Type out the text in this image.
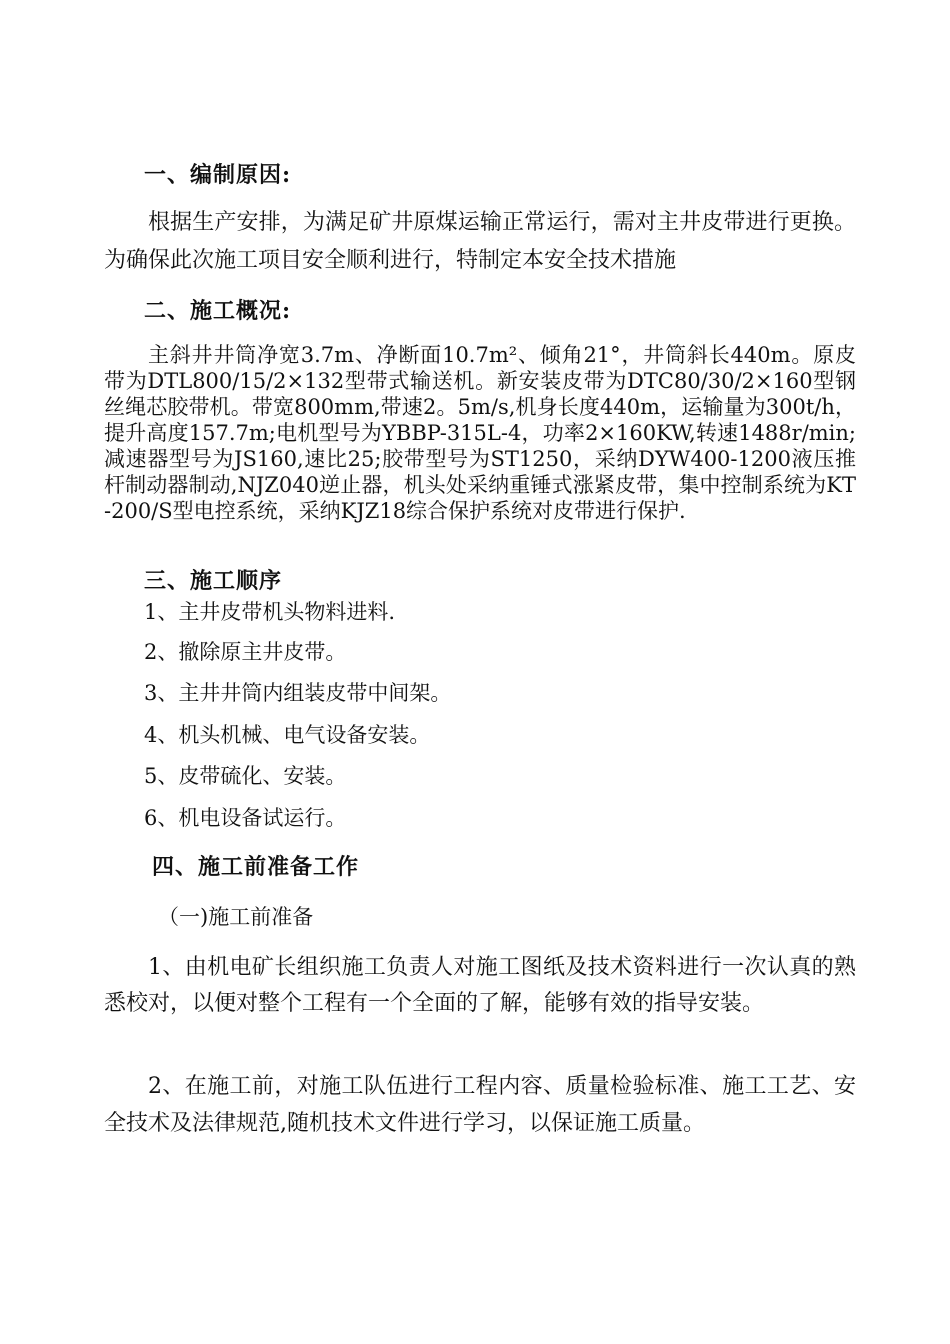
一、编制原因:
根据生产安排，为满足矿井原煤运输正常运行，需对主井皮带进行更换。为确保此次施工项目安全顺利进行，特制定本安全技术措施
二、施工概况:
主斜井井筒净宽3.7m、净断面10.7m²、倾角21°，井筒斜长440m。原皮带为DTL800/15/2×132型带式输送机。新安装皮带为DTC80/30/2×160型钢丝绳芯胶带机。带宽800mm,带速2。5m/s,机身长度440m，运输量为300t/h，提升高度157.7m;电机型号为YBBP-315L-4，功率2×160KW,转速1488r/min;减速器型号为JS160,速比25;胶带型号为ST1250，采纳DYW400-1200液压推杆制动器制动,NJZ040逆止器，机头处采纳重锤式涨紧皮带，集中控制系统为KT-200/S型电控系统，采纳KJZ18综合保护系统对皮带进行保护.
三、施工顺序
1、主井皮带机头物料进料.
2、撤除原主井皮带。
3、主井井筒内组装皮带中间架。
4、机头机械、电气设备安装。
5、皮带硫化、安装。
6、机电设备试运行。
四、施工前准备工作
（一)施工前准备
1、由机电矿长组织施工负责人对施工图纸及技术资料进行一次认真的熟悉校对，以便对整个工程有一个全面的了解，能够有效的指导安装。
2、在施工前，对施工队伍进行工程内容、质量检验标准、施工工艺、安全技术及法律规范,随机技术文件进行学习，以保证施工质量。
